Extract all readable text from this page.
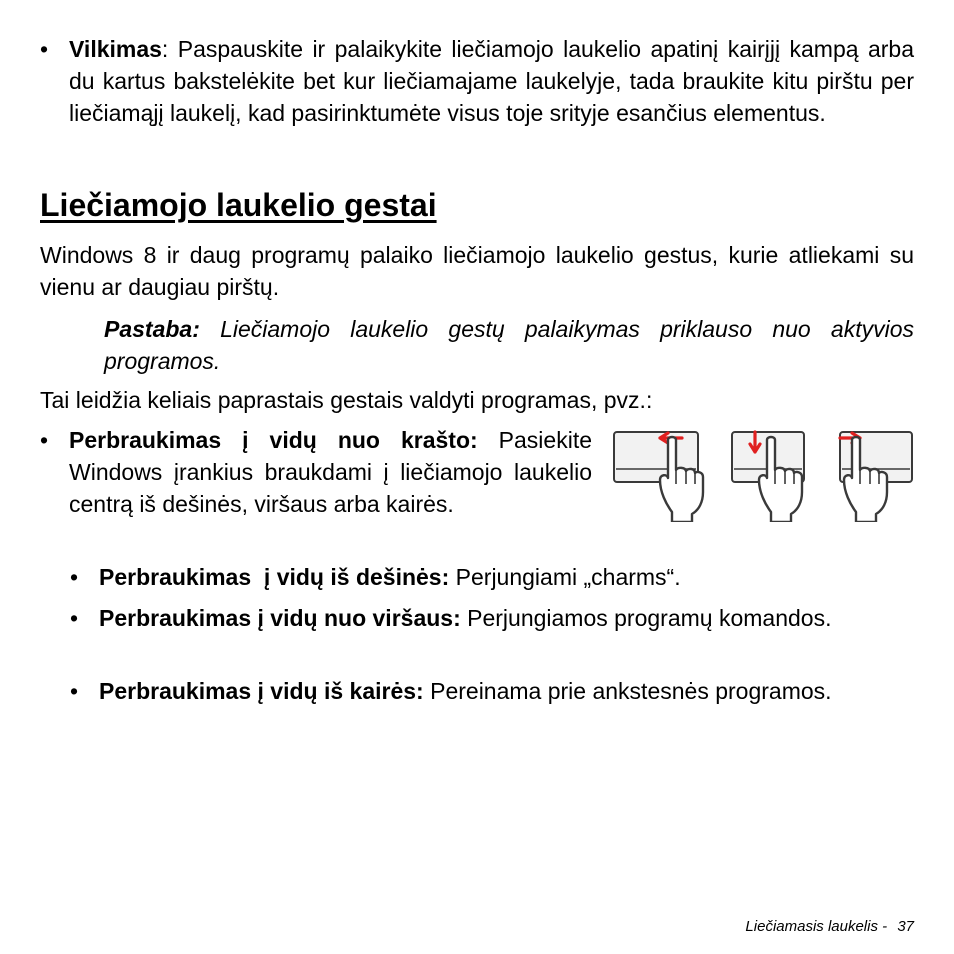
• Vilkimas: Paspauskite ir palaikykite liečiamojo laukelio apatinį kairįjį kampą arba du kartus bakstelėkite bet kur liečiamajame laukelyje, tada braukite kitu pirštu per liečiamąjį laukelį, kad pasirinktumėte visus toje srityje esančius elementus.
Liečiamojo laukelio gestai

Windows 8 ir daug programų palaiko liečiamojo laukelio gestus, kurie atliekami su vienu ar daugiau pirštų.

Pastaba: Liečiamojo laukelio gestų palaikymas priklauso nuo aktyvios programos.

Tai leidžia keliais paprastais gestais valdyti programas, pvz.:

• Perbraukimas į vidų nuo krašto: Pasiekite Windows įrankius braukdami į liečiamojo laukelio centrą iš dešinės, viršaus arba kairės.
• Perbraukimas  į vidų iš dešinės: Perjungiami „charms“.
• Perbraukimas į vidų nuo viršaus: Perjungiamos programų komandos.
• Perbraukimas į vidų iš kairės: Pereinama prie ankstesnės programos.
Liečiamasis laukelis - 37
